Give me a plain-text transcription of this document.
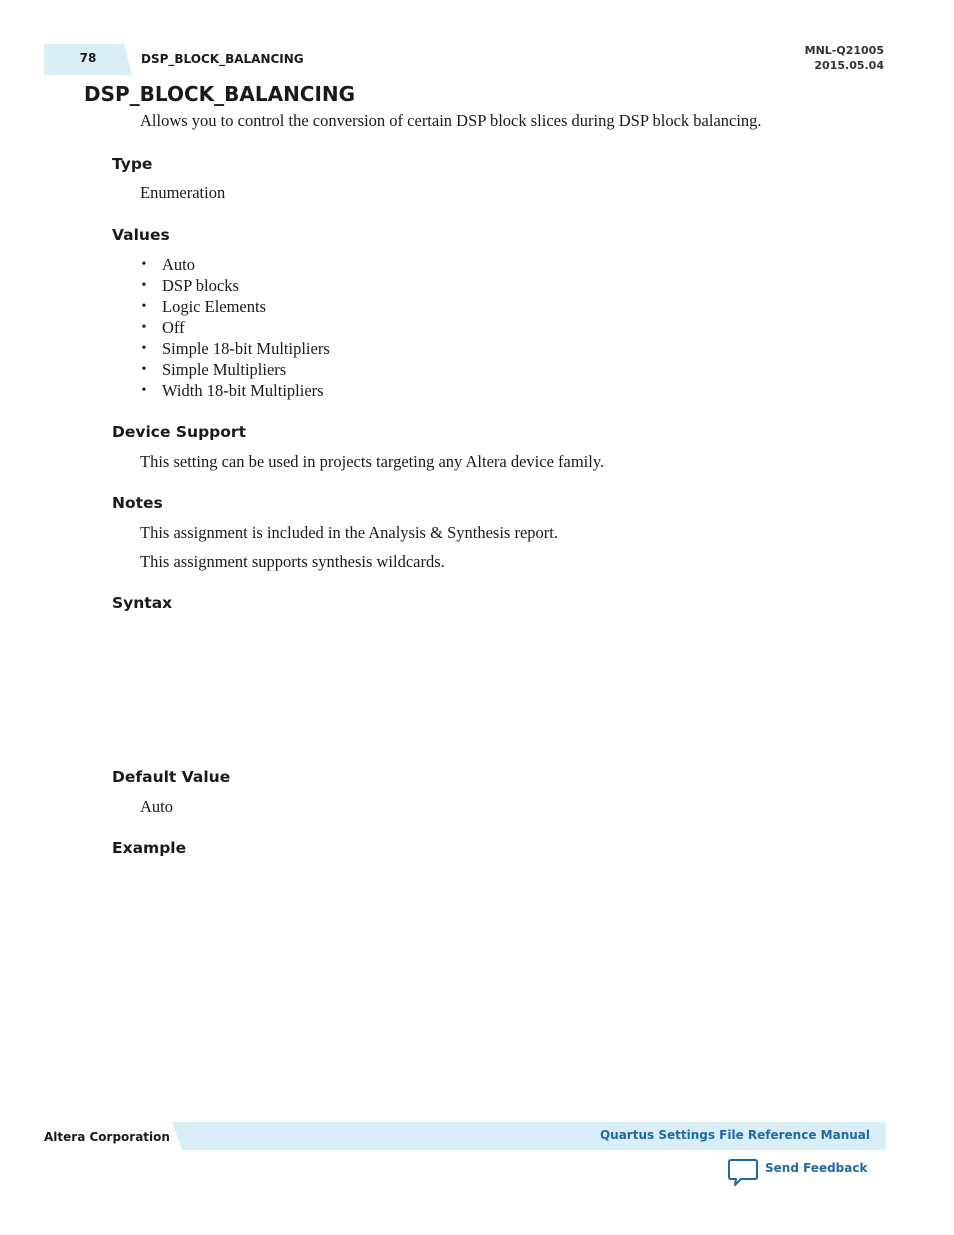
78	DSP_BLOCK_BALANCING
MNL-Q21005
2015.05.04
DSP_BLOCK_BALANCING

Allows you to control the conversion of certain DSP block slices during DSP block balancing.

Type

Enumeration

Values
• Auto
• DSP blocks
• Logic Elements
• Off
• Simple 18-bit Multipliers
• Simple Multipliers
• Width 18-bit Multipliers
Device Support

This setting can be used in projects targeting any Altera device family.

Notes

This assignment is included in the Analysis & Synthesis report.

This assignment supports synthesis wildcards.

Syntax
Default Value

Auto

Example
Altera Corporation	Quartus Settings File Reference Manual
Send Feedback
